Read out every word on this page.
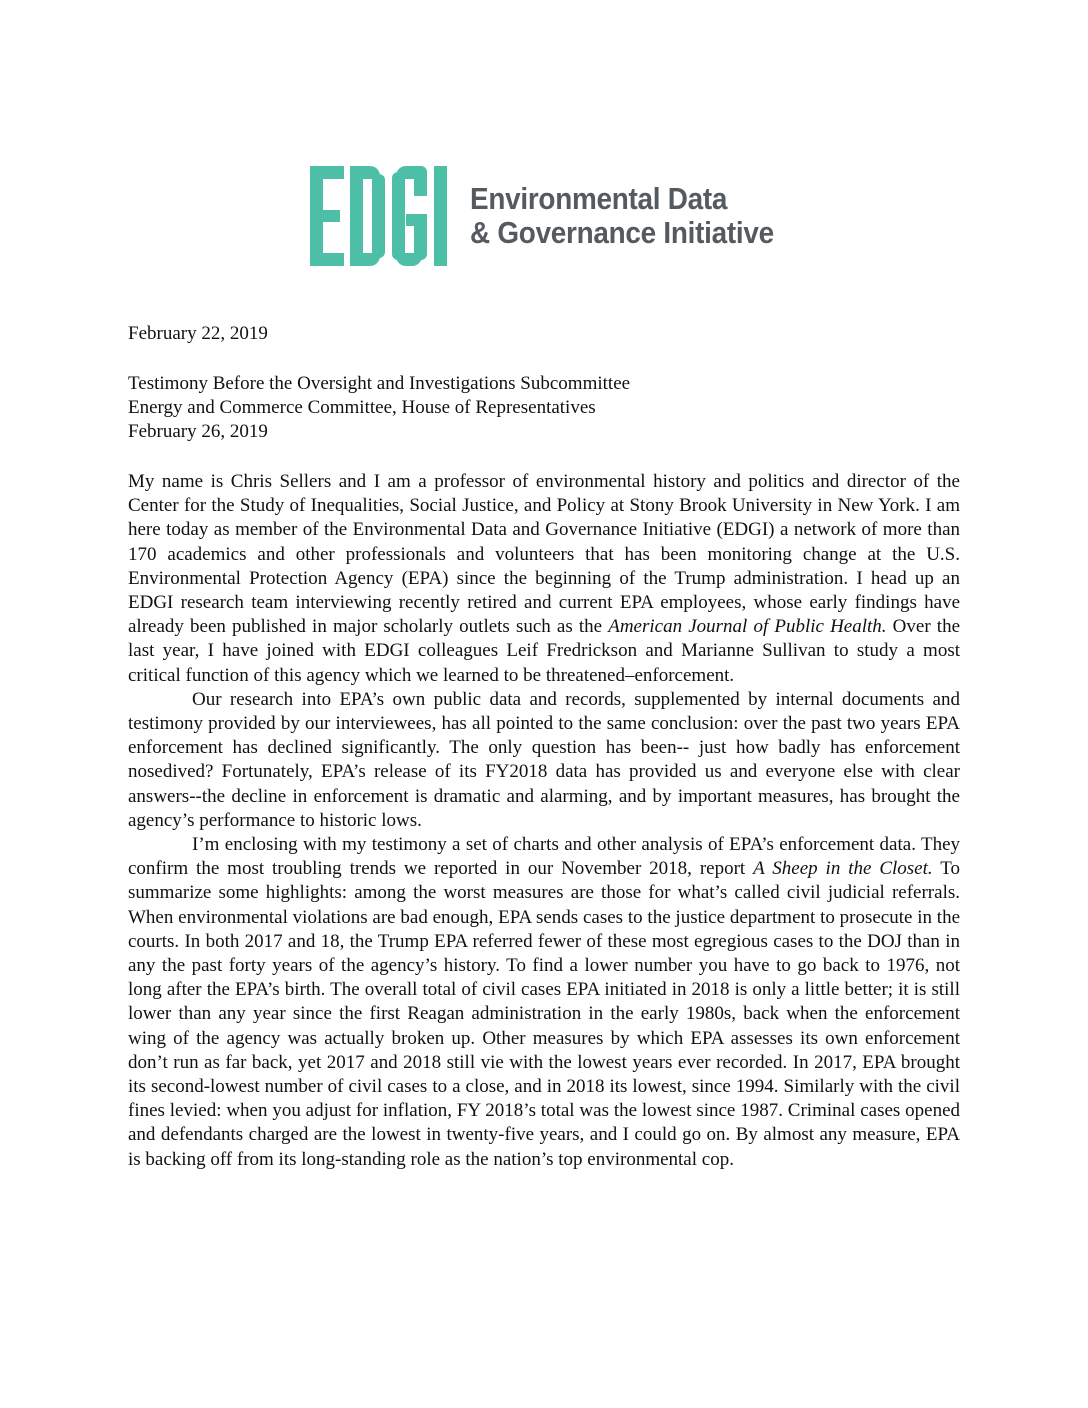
Environmental Data
& Governance Initiative
February 22, 2019
Testimony Before the Oversight and Investigations Subcommittee
Energy and Commerce Committee, House of Representatives
February 26, 2019

My name is Chris Sellers and I am a professor of environmental history and politics and director of the Center for the Study of Inequalities, Social Justice, and Policy at Stony Brook University in New York. I am here today as member of the Environmental Data and Governance Initiative (EDGI) a network of more than 170 academics and other professionals and volunteers that has been monitoring change at the U.S. Environmental Protection Agency (EPA) since the beginning of the Trump administration. I head up an EDGI research team interviewing recently retired and current EPA employees, whose early findings have already been published in major scholarly outlets such as the American Journal of Public Health. Over the last year, I have joined with EDGI colleagues Leif Fredrickson and Marianne Sullivan to study a most critical function of this agency which we learned to be threatened–enforcement.

Our research into EPA’s own public data and records, supplemented by internal documents and testimony provided by our interviewees, has all pointed to the same conclusion: over the past two years EPA enforcement has declined significantly. The only question has been-- just how badly has enforcement nosedived? Fortunately, EPA’s release of its FY2018 data has provided us and everyone else with clear answers--the decline in enforcement is dramatic and alarming, and by important measures, has brought the agency’s performance to historic lows.

I’m enclosing with my testimony a set of charts and other analysis of EPA’s enforcement data. They confirm the most troubling trends we reported in our November 2018, report A Sheep in the Closet. To summarize some highlights: among the worst measures are those for what’s called civil judicial referrals. When environmental violations are bad enough, EPA sends cases to the justice department to prosecute in the courts. In both 2017 and 18, the Trump EPA referred fewer of these most egregious cases to the DOJ than in any the past forty years of the agency’s history. To find a lower number you have to go back to 1976, not long after the EPA’s birth. The overall total of civil cases EPA initiated in 2018 is only a little better; it is still lower than any year since the first Reagan administration in the early 1980s, back when the enforcement wing of the agency was actually broken up. Other measures by which EPA assesses its own enforcement don’t run as far back, yet 2017 and 2018 still vie with the lowest years ever recorded. In 2017, EPA brought its second-lowest number of civil cases to a close, and in 2018 its lowest, since 1994. Similarly with the civil fines levied: when you adjust for inflation, FY 2018’s total was the lowest since 1987. Criminal cases opened and defendants charged are the lowest in twenty-five years, and I could go on. By almost any measure, EPA is backing off from its long-standing role as the nation’s top environmental cop.
